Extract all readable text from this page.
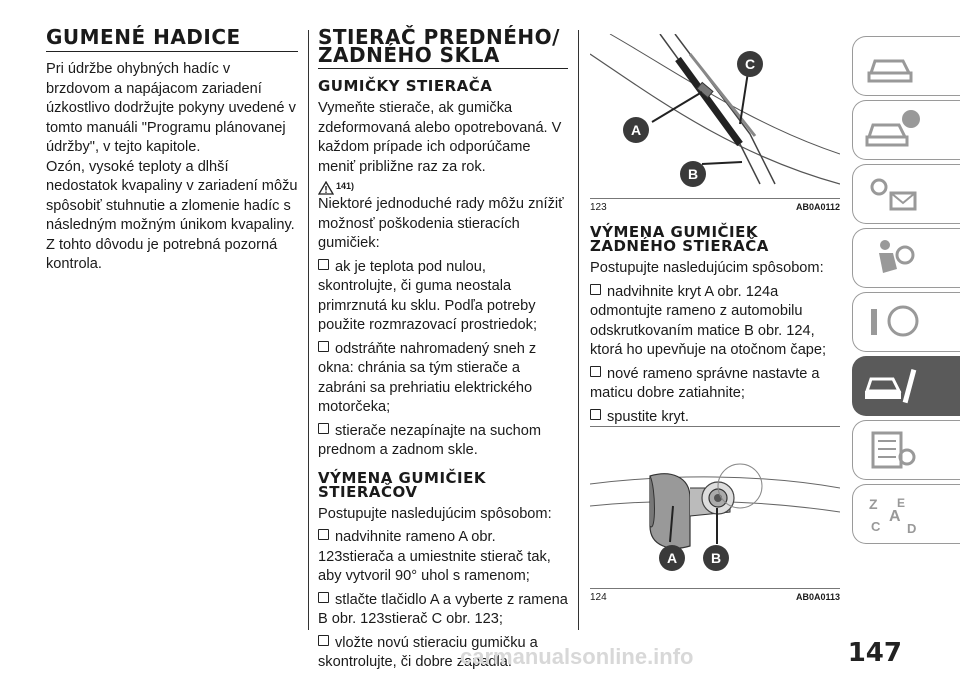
GUMENÉ HADICE

Pri údržbe ohybných hadíc v brzdovom a napájacom zariadení úzkostlivo dodržujte pokyny uvedené v tomto manuáli "Programu plánovanej údržby", v tejto kapitole.

Ozón, vysoké teploty a dlhší nedostatok kvapaliny v zariadení môžu spôsobiť stuhnutie a zlomenie hadíc s následným možným únikom kvapaliny. Z tohto dôvodu je potrebná pozorná kontrola.

STIERAČ PREDNÉHO/ ZADNÉHO SKLA
GUMIČKY STIERAČA

Vymeňte stierače, ak gumička zdeformovaná alebo opotrebovaná. V každom prípade ich odporúčame meniť približne raz za rok.

141)

Niektoré jednoduché rady môžu znížiť možnosť poškodenia stieracích gumičiek:

ak je teplota pod nulou, skontrolujte, či guma neostala primrznutá ku sklu. Podľa potreby použite rozmrazovací prostriedok;

odstráňte nahromadený sneh z okna: chránia sa tým stierače a zabráni sa prehriatiu elektrického motorčeka;

stierače nezapínajte na suchom prednom a zadnom skle.

VÝMENA GUMIČIEK STIERAČOV

Postupujte nasledujúcim spôsobom:

nadvihnite rameno A obr. 123stierača a umiestnite stierač tak, aby vytvoril 90° uhol s ramenom;

stlačte tlačidlo A a vyberte z ramena B obr. 123stierač C obr. 123;

vložte novú stieraciu gumičku a skontrolujte, či dobre zapadla.

A
B
C
123	AB0A0112
VÝMENA GUMIČIEK ZADNÉHO STIERAČA

Postupujte nasledujúcim spôsobom:

nadvihnite kryt A obr. 124a odmontujte rameno z automobilu odskrutkovaním matice B obr. 124, ktorá ho upevňuje na otočnom čape;

nové rameno správne nastavte a maticu dobre zatiahnite;

spustite kryt.

A B
124	AB0A0113
Z E
A
C D
carmanualsonline.info	147
